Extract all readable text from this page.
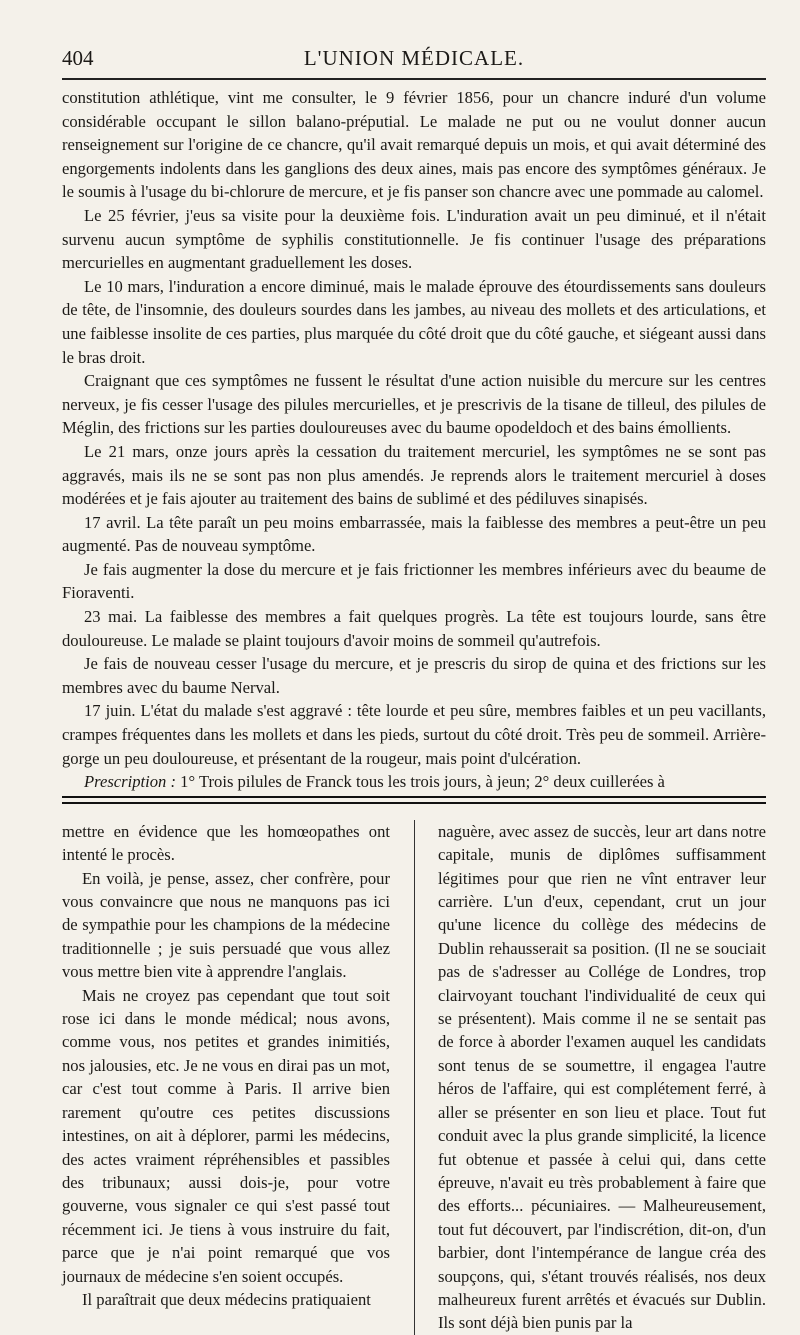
404	L'UNION MÉDICALE.

constitution athlétique, vint me consulter, le 9 février 1856, pour un chancre induré d'un volume considérable occupant le sillon balano-préputial. Le malade ne put ou ne voulut donner aucun renseignement sur l'origine de ce chancre, qu'il avait remarqué depuis un mois, et qui avait déterminé des engorgements indolents dans les ganglions des deux aines, mais pas encore des symptômes généraux. Je le soumis à l'usage du bi-chlorure de mercure, et je fis panser son chancre avec une pommade au calomel.

Le 25 février, j'eus sa visite pour la deuxième fois. L'induration avait un peu diminué, et il n'était survenu aucun symptôme de syphilis constitutionnelle. Je fis continuer l'usage des préparations mercurielles en augmentant graduellement les doses.

Le 10 mars, l'induration a encore diminué, mais le malade éprouve des étourdissements sans douleurs de tête, de l'insomnie, des douleurs sourdes dans les jambes, au niveau des mollets et des articulations, et une faiblesse insolite de ces parties, plus marquée du côté droit que du côté gauche, et siégeant aussi dans le bras droit.

Craignant que ces symptômes ne fussent le résultat d'une action nuisible du mercure sur les centres nerveux, je fis cesser l'usage des pilules mercurielles, et je prescrivis de la tisane de tilleul, des pilules de Méglin, des frictions sur les parties douloureuses avec du baume opodeldoch et des bains émollients.

Le 21 mars, onze jours après la cessation du traitement mercuriel, les symptômes ne se sont pas aggravés, mais ils ne se sont pas non plus amendés. Je reprends alors le traitement mercuriel à doses modérées et je fais ajouter au traitement des bains de sublimé et des pédiluves sinapisés.

17 avril. La tête paraît un peu moins embarrassée, mais la faiblesse des membres a peut-être un peu augmenté. Pas de nouveau symptôme.

Je fais augmenter la dose du mercure et je fais frictionner les membres inférieurs avec du beaume de Fioraventi.

23 mai. La faiblesse des membres a fait quelques progrès. La tête est toujours lourde, sans être douloureuse. Le malade se plaint toujours d'avoir moins de sommeil qu'autrefois.

Je fais de nouveau cesser l'usage du mercure, et je prescris du sirop de quina et des frictions sur les membres avec du baume Nerval.

17 juin. L'état du malade s'est aggravé : tête lourde et peu sûre, membres faibles et un peu vacillants, crampes fréquentes dans les mollets et dans les pieds, surtout du côté droit. Très peu de sommeil. Arrière-gorge un peu douloureuse, et présentant de la rougeur, mais point d'ulcération.

Prescription : 1° Trois pilules de Franck tous les trois jours, à jeun; 2° deux cuillerées à

mettre en évidence que les homœopathes ont intenté le procès.

En voilà, je pense, assez, cher confrère, pour vous convaincre que nous ne manquons pas ici de sympathie pour les champions de la médecine traditionnelle ; je suis persuadé que vous allez vous mettre bien vite à apprendre l'anglais.

Mais ne croyez pas cependant que tout soit rose ici dans le monde médical; nous avons, comme vous, nos petites et grandes inimitiés, nos jalousies, etc. Je ne vous en dirai pas un mot, car c'est tout comme à Paris. Il arrive bien rarement qu'outre ces petites discussions intestines, on ait à déplorer, parmi les médecins, des actes vraiment répréhensibles et passibles des tribunaux; aussi dois-je, pour votre gouverne, vous signaler ce qui s'est passé tout récemment ici. Je tiens à vous instruire du fait, parce que je n'ai point remarqué que vos journaux de médecine s'en soient occupés.

Il paraîtrait que deux médecins pratiquaient

naguère, avec assez de succès, leur art dans notre capitale, munis de diplômes suffisamment légitimes pour que rien ne vînt entraver leur carrière. L'un d'eux, cependant, crut un jour qu'une licence du collège des médecins de Dublin rehausserait sa position. (Il ne se souciait pas de s'adresser au Collége de Londres, trop clairvoyant touchant l'individualité de ceux qui se présentent). Mais comme il ne se sentait pas de force à aborder l'examen auquel les candidats sont tenus de se soumettre, il engagea l'autre héros de l'affaire, qui est complétement ferré, à aller se présenter en son lieu et place. Tout fut conduit avec la plus grande simplicité, la licence fut obtenue et passée à celui qui, dans cette épreuve, n'avait eu très probablement à faire que des efforts... pécuniaires. — Malheureusement, tout fut découvert, par l'indiscrétion, dit-on, d'un barbier, dont l'intempérance de langue créa des soupçons, qui, s'étant trouvés réalisés, nos deux malheureux furent arrêtés et évacués sur Dublin. Ils sont déjà bien punis par la
